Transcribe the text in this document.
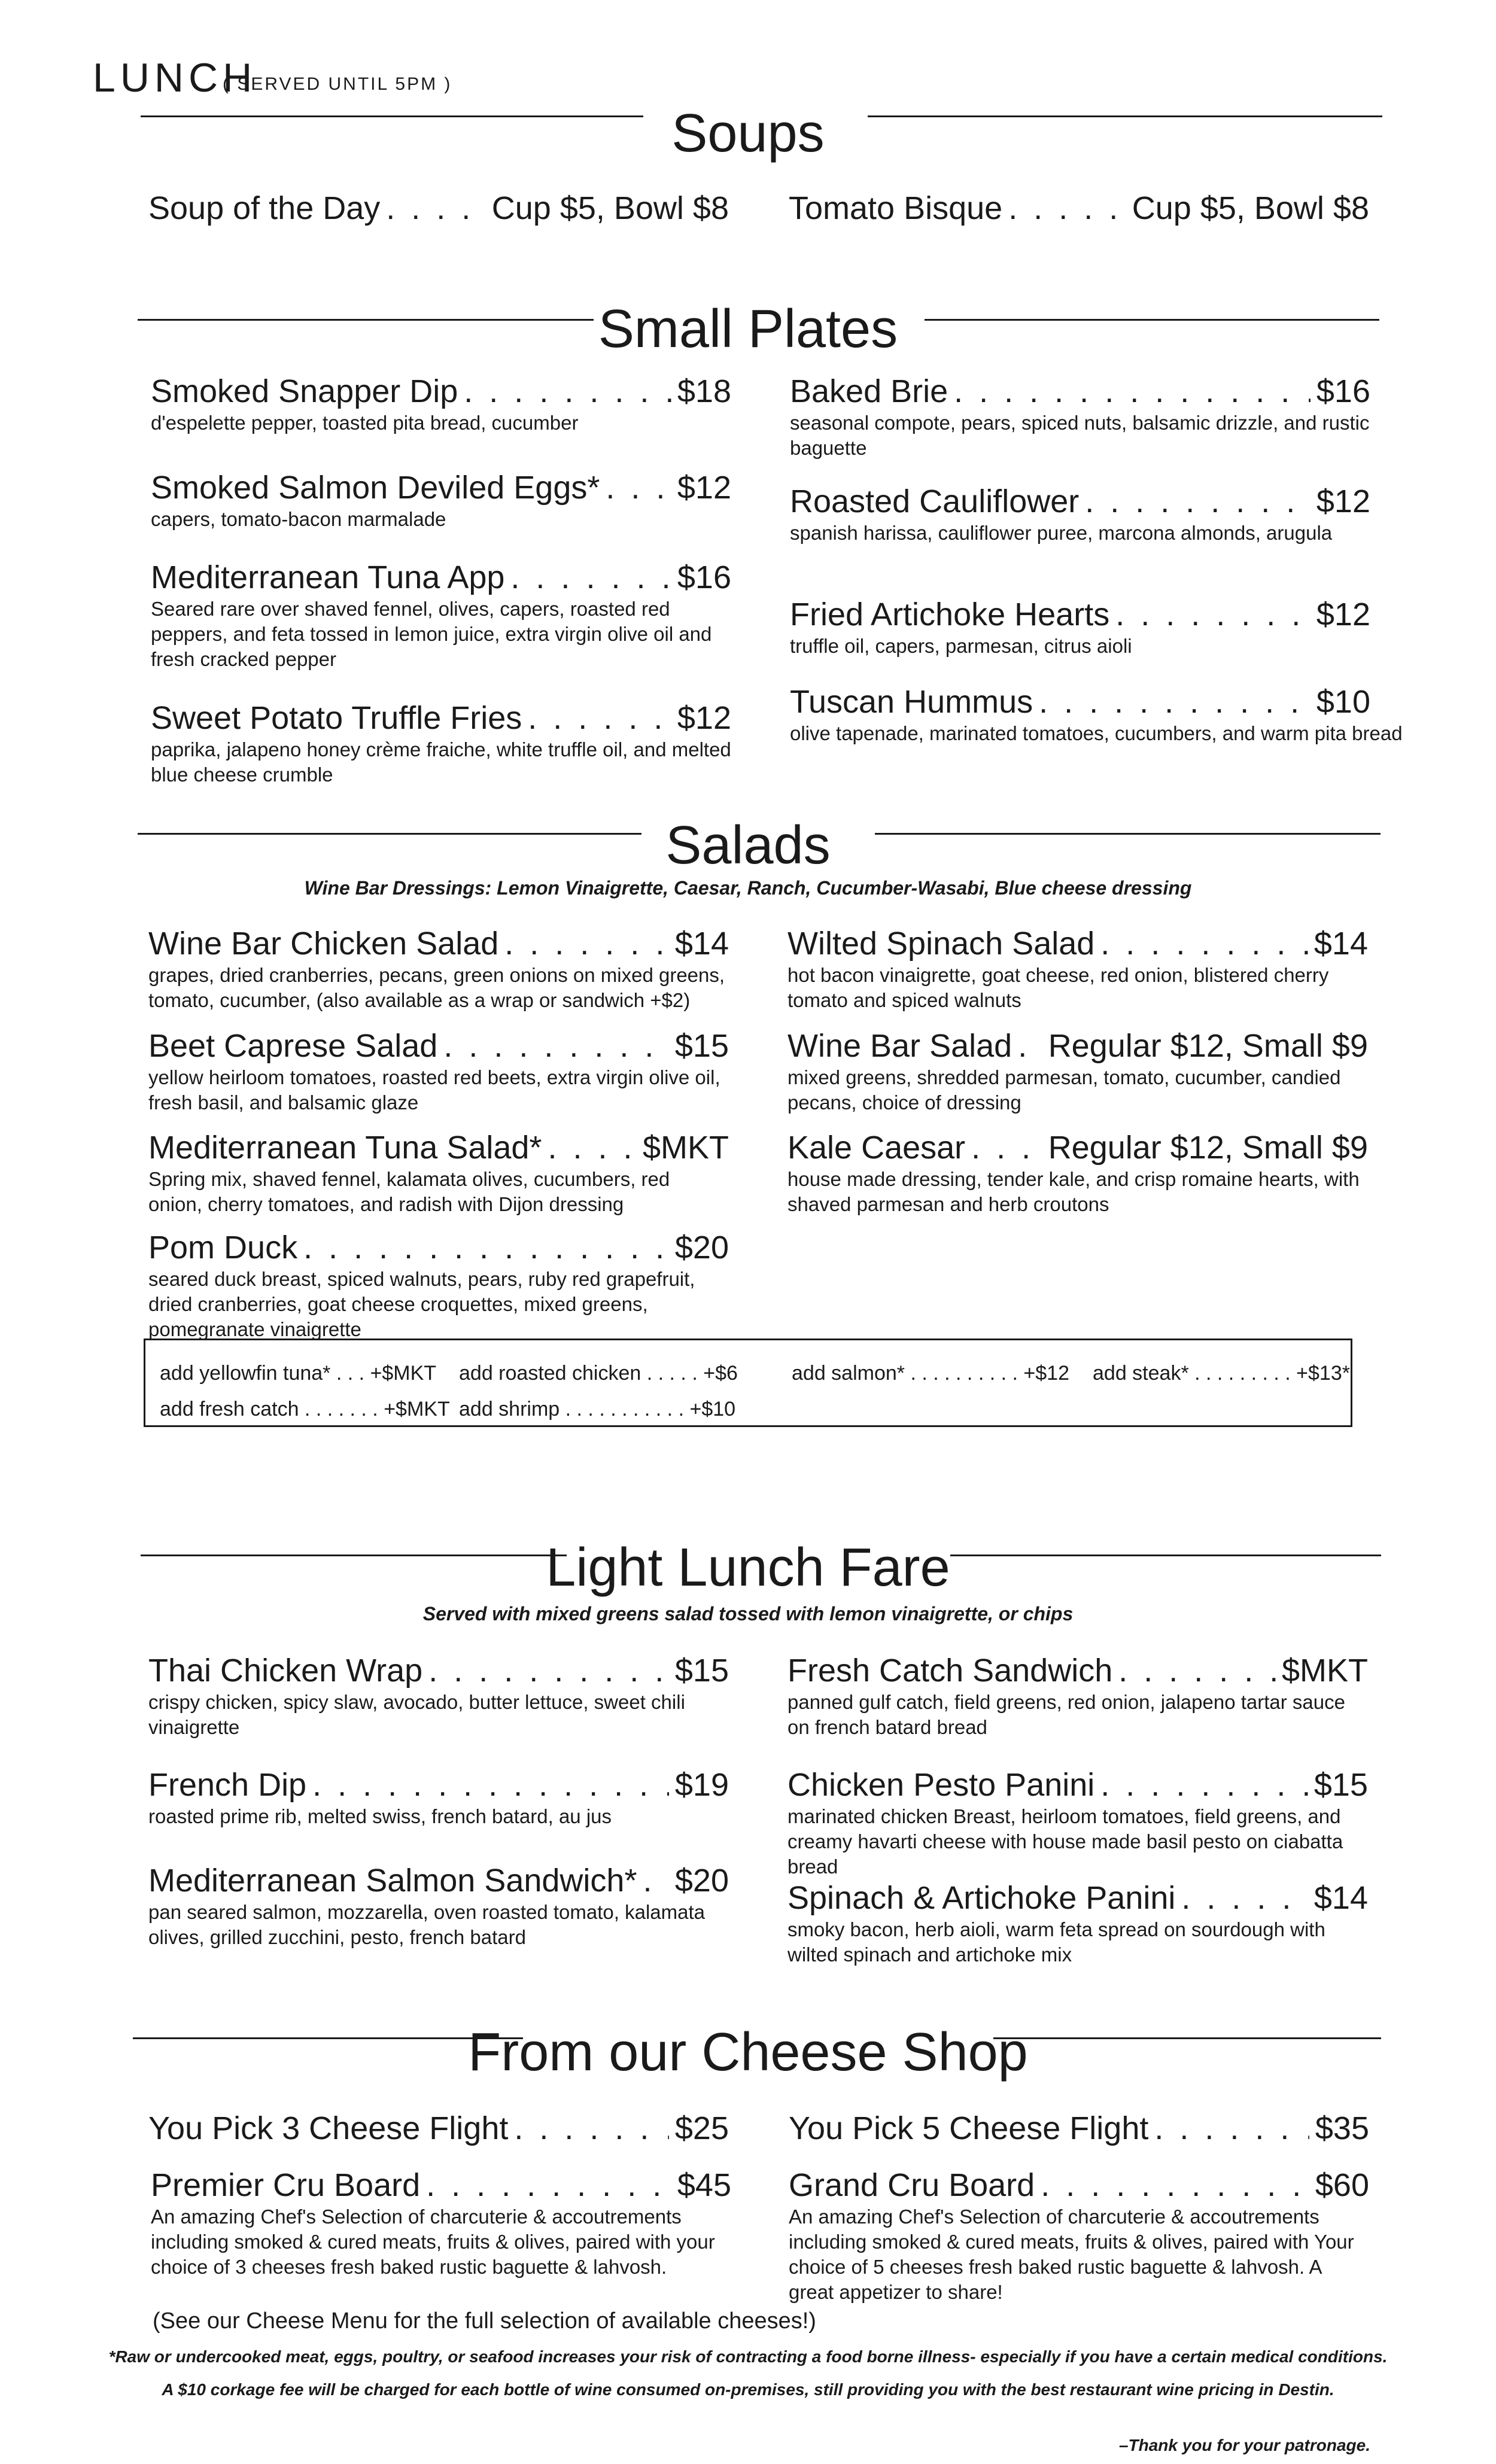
LUNCH
( SERVED UNTIL 5PM )
Soups
Soup of the Day . . .	Cup $5, Bowl $8 Tomato Bisque . . .	Cup $5, Bowl $8
Small Plates
Smoked Snapper Dip . . .	$18
d'espelette pepper, toasted pita bread, cucumber
Smoked Salmon Deviled Eggs* . . . $12
capers, tomato-bacon marmalade
Mediterranean Tuna App . . .	$16
Seared rare over shaved fennel, olives, capers, roasted red peppers, and feta tossed in lemon juice, extra virgin olive oil and fresh cracked pepper
Sweet Potato Truffle Fries . . .	$12
paprika, jalapeno honey crème fraiche, white truffle oil, and melted blue cheese crumble
Baked Brie . . .	$16
seasonal compote, pears, spiced nuts, balsamic drizzle, and rustic baguette
Roasted Cauliflower . . .	$12
spanish harissa, cauliflower puree, marcona almonds, arugula
Fried Artichoke Hearts . . .	$12
truffle oil, capers, parmesan, citrus aioli
Tuscan Hummus . . .	$10
olive tapenade, marinated tomatoes, cucumbers, and warm pita bread
Salads
Wine Bar Dressings: Lemon Vinaigrette, Caesar, Ranch, Cucumber-Wasabi, Blue cheese dressing
Wine Bar Chicken Salad . . .	$14
grapes, dried cranberries, pecans, green onions on mixed greens, tomato, cucumber, (also available as a wrap or sandwich +$2)
Beet Caprese Salad . . .	$15
yellow heirloom tomatoes, roasted red beets, extra virgin olive oil, fresh basil, and balsamic glaze
Mediterranean Tuna Salad* . . .	$MKT
Spring mix, shaved fennel, kalamata olives, cucumbers, red onion, cherry tomatoes, and radish with Dijon dressing
Pom Duck . . .	$20
seared duck breast, spiced walnuts, pears, ruby red grapefruit, dried cranberries, goat cheese croquettes, mixed greens, pomegranate vinaigrette
Wilted Spinach Salad . . .	$14
hot bacon vinaigrette, goat cheese, red onion, blistered cherry tomato and spiced walnuts
Wine Bar Salad . . . Regular $12, Small $9
mixed greens, shredded parmesan, tomato, cucumber, candied pecans, choice of dressing
Kale Caesar . . .	Regular $12, Small $9
house made dressing, tender kale, and crisp romaine hearts, with shaved parmesan and herb croutons
add yellowfin tuna* . . . +$MKT add roasted chicken . . . . . +$6	add salmon* . . . . . . . . . . +$12 add steak* . . . . . . . . . +$13*
add fresh catch . . . . . . . +$MKT add shrimp . . . . . . . . . . . +$10
Light Lunch Fare
Served with mixed greens salad tossed with lemon vinaigrette, or chips
Thai Chicken Wrap . . .	$15
crispy chicken, spicy slaw, avocado, butter lettuce, sweet chili vinaigrette
French Dip . . .	$19
roasted prime rib, melted swiss, french batard, au jus
Mediterranean Salmon Sandwich* . . . $20
pan seared salmon, mozzarella, oven roasted tomato, kalamata olives, grilled zucchini, pesto, french batard
Fresh Catch Sandwich . . .	$MKT
panned gulf catch, field greens, red onion, jalapeno tartar sauce on french batard bread
Chicken Pesto Panini . . .	$15
marinated chicken Breast, heirloom tomatoes, field greens, and creamy havarti cheese with house made basil pesto on ciabatta bread
Spinach & Artichoke Panini . . .	$14
smoky bacon, herb aioli, warm feta spread on sourdough with wilted spinach and artichoke mix
From our Cheese Shop
You Pick 3 Cheese Flight . . .	$25
Premier Cru Board . . .	$45
An amazing Chef's Selection of charcuterie & accoutrements including smoked & cured meats, fruits & olives, paired with your choice of 3 cheeses fresh baked rustic baguette & lahvosh.
You Pick 5 Cheese Flight . . .	$35
Grand Cru Board . . .	$60
An amazing Chef's Selection of charcuterie & accoutrements including smoked & cured meats, fruits & olives, paired with Your choice of 5 cheeses fresh baked rustic baguette & lahvosh. A great appetizer to share!
(See our Cheese Menu for the full selection of available cheeses!)
*Raw or undercooked meat, eggs, poultry, or seafood increases your risk of contracting a food borne illness- especially if you have a certain medical conditions.
A $10 corkage fee will be charged for each bottle of wine consumed on-premises, still providing you with the best restaurant wine pricing in Destin.
–Thank you for your patronage.
